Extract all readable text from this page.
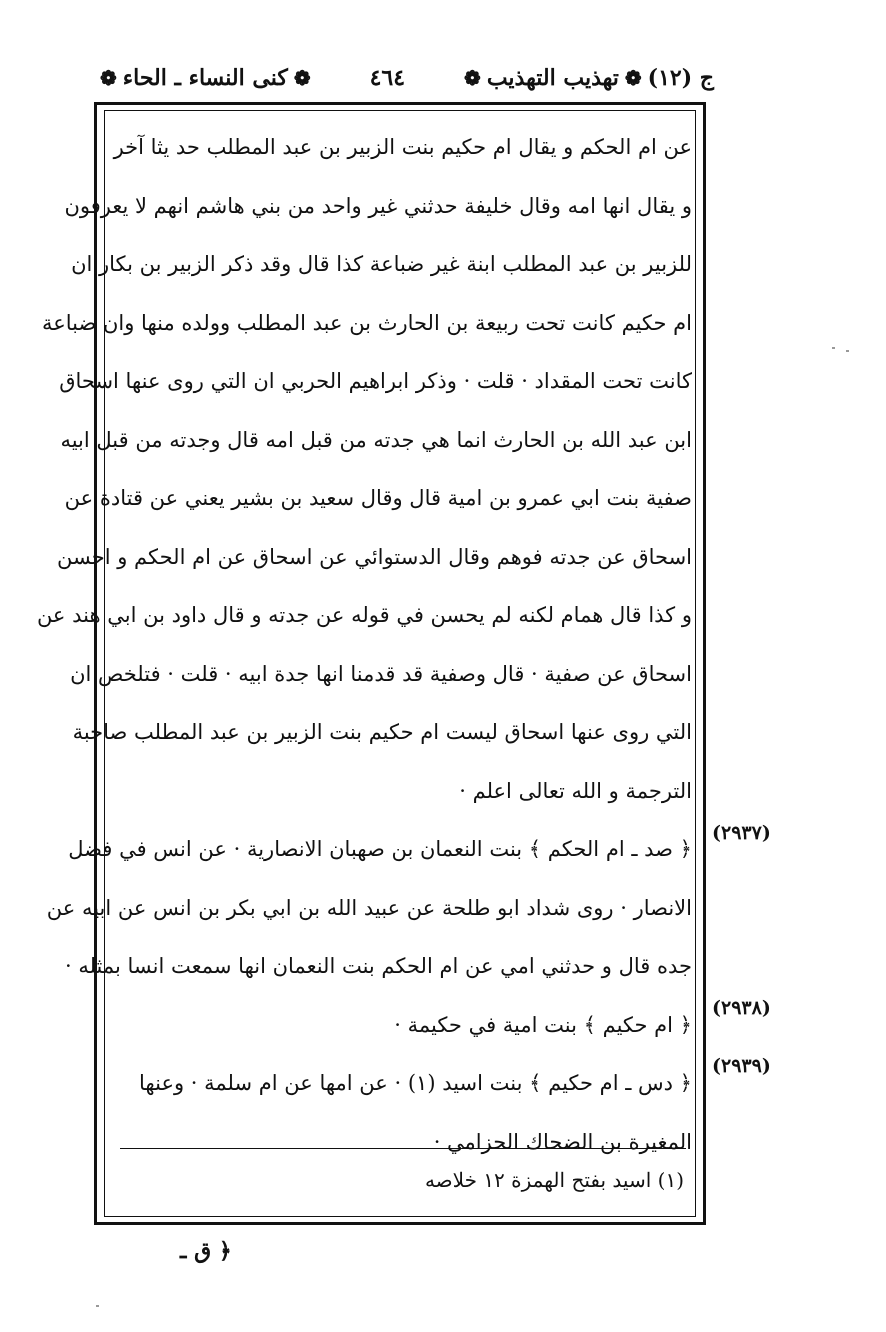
ج (١٢)
❁
تهذيب التهذيب
❁
٤٦٤
❁
كنى النساء ـ الحاء
❁
عن ام الحكم و يقال ام حكيم بنت الزبير بن عبد المطلب حد يثا آخر
و يقال انها امه وقال خليفة حدثني غير واحد من بني هاشم انهم لا يعرفون
للزبير بن عبد المطلب ابنة غير ضباعة كذا قال وقد ذكر الزبير بن بكار ان
ام حكيم كانت تحت ربيعة بن الحارث بن عبد المطلب وولده منها وان ضباعة
كانت تحت المقداد · قلت · وذكر ابراهيم الحربي ان التي روى عنها اسحاق
ابن عبد الله بن الحارث انما هي جدته من قبل امه قال وجدته من قبل ابيه
صفية بنت ابي عمرو بن امية قال وقال سعيد بن بشير يعني عن قتادة عن
اسحاق عن جدته فوهم وقال الدستوائي عن اسحاق عن ام الحكم و احسن
و كذا قال همام لكنه لم يحسن في قوله عن جدته و قال داود بن ابي هند عن
اسحاق عن صفية · قال وصفية قد قدمنا انها جدة ابيه · قلت · فتلخص ان
التي روى عنها اسحاق ليست ام حكيم بنت الزبير بن عبد المطلب صاحبة
الترجمة و الله تعالى اعلم ·
﴿ صد ـ ام الحكم ﴾ بنت النعمان بن صهبان الانصارية · عن انس في فضل
الانصار · روى شداد ابو طلحة عن عبيد الله بن ابي بكر بن انس عن ابيه عن
جده قال و حدثني امي عن ام الحكم بنت النعمان انها سمعت انسا بمثله ·
﴿ ام حكيم ﴾ بنت امية في حكيمة ·
﴿ دس ـ ام حكيم ﴾ بنت اسيد (١) · عن امها عن ام سلمة · وعنها
المغيرة بن الضحاك الحزامي ·
(٢٩٣٧)
(٢٩٣٨)
(٢٩٣٩)
(١) اسيد بفتح الهمزة ١٢ خلاصه
﴿ ق ـ
